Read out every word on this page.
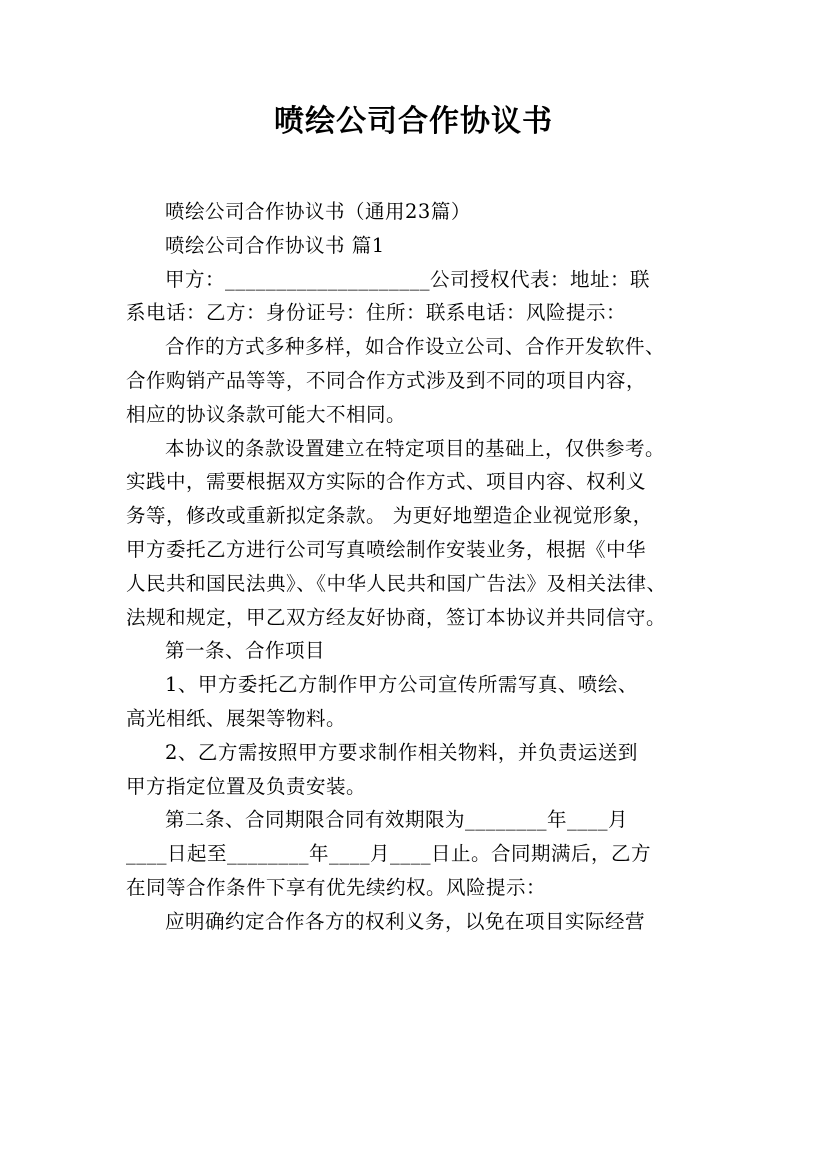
喷绘公司合作协议书
喷绘公司合作协议书（通用23篇）
喷绘公司合作协议书 篇1
甲方：____________________公司授权代表：地址：联
系电话：乙方：身份证号：住所：联系电话：风险提示：
合作的方式多种多样，如合作设立公司、合作开发软件、
合作购销产品等等，不同合作方式涉及到不同的项目内容，
相应的协议条款可能大不相同。
本协议的条款设置建立在特定项目的基础上，仅供参考。
实践中，需要根据双方实际的合作方式、项目内容、权利义
务等，修改或重新拟定条款。 为更好地塑造企业视觉形象，
甲方委托乙方进行公司写真喷绘制作安装业务，根据《中华
人民共和国民法典》、《中华人民共和国广告法》及相关法律、
法规和规定，甲乙双方经友好协商，签订本协议并共同信守。
第一条、合作项目
1、甲方委托乙方制作甲方公司宣传所需写真、喷绘、
高光相纸、展架等物料。
2、乙方需按照甲方要求制作相关物料，并负责运送到
甲方指定位置及负责安装。
第二条、合同期限合同有效期限为________年____月
____日起至________年____月____日止。合同期满后，乙方
在同等合作条件下享有优先续约权。风险提示：
应明确约定合作各方的权利义务，以免在项目实际经营
